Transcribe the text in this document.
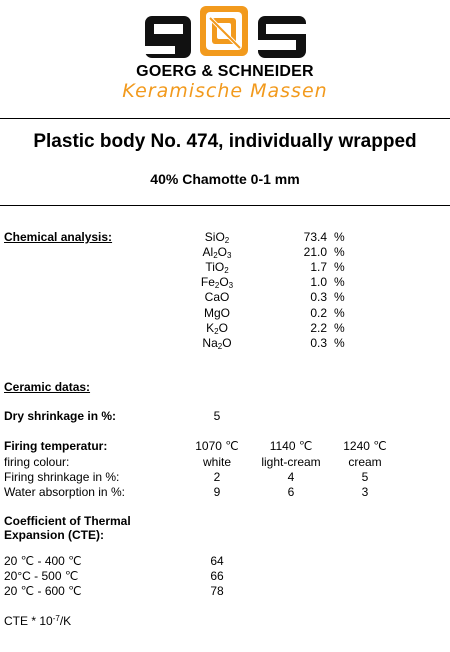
GOERG & SCHNEIDER
Keramische Massen
Plastic body No. 474, individually wrapped
40% Chamotte 0-1 mm
Chemical analysis:	SiO$_2$	73.4 %
$Al_2O_3$	21.0 %
TiO$_2$	1.7 %
$Fe_2O_3$	1.0 %
CaO	0.3 %
MgO	0.2 %
$K_2O$	2.2 %
$Na_2O$	0.3 %
Ceramic datas:
Dry shrinkage in %:	5
Firing temperatur:	1070 ℃	1140 ℃	1240 ℃
firing colour:	white	light-cream	cream
Firing shrinkage in %:	2	4	5
Water absorption in %:	9	6	3
Coefficient of Thermal
Expansion (CTE):
20 ℃ - 400 ℃	64
20°C - 500 ℃	66
20 ℃ - 600 ℃	78
CTE * $10^{-7}/K$
